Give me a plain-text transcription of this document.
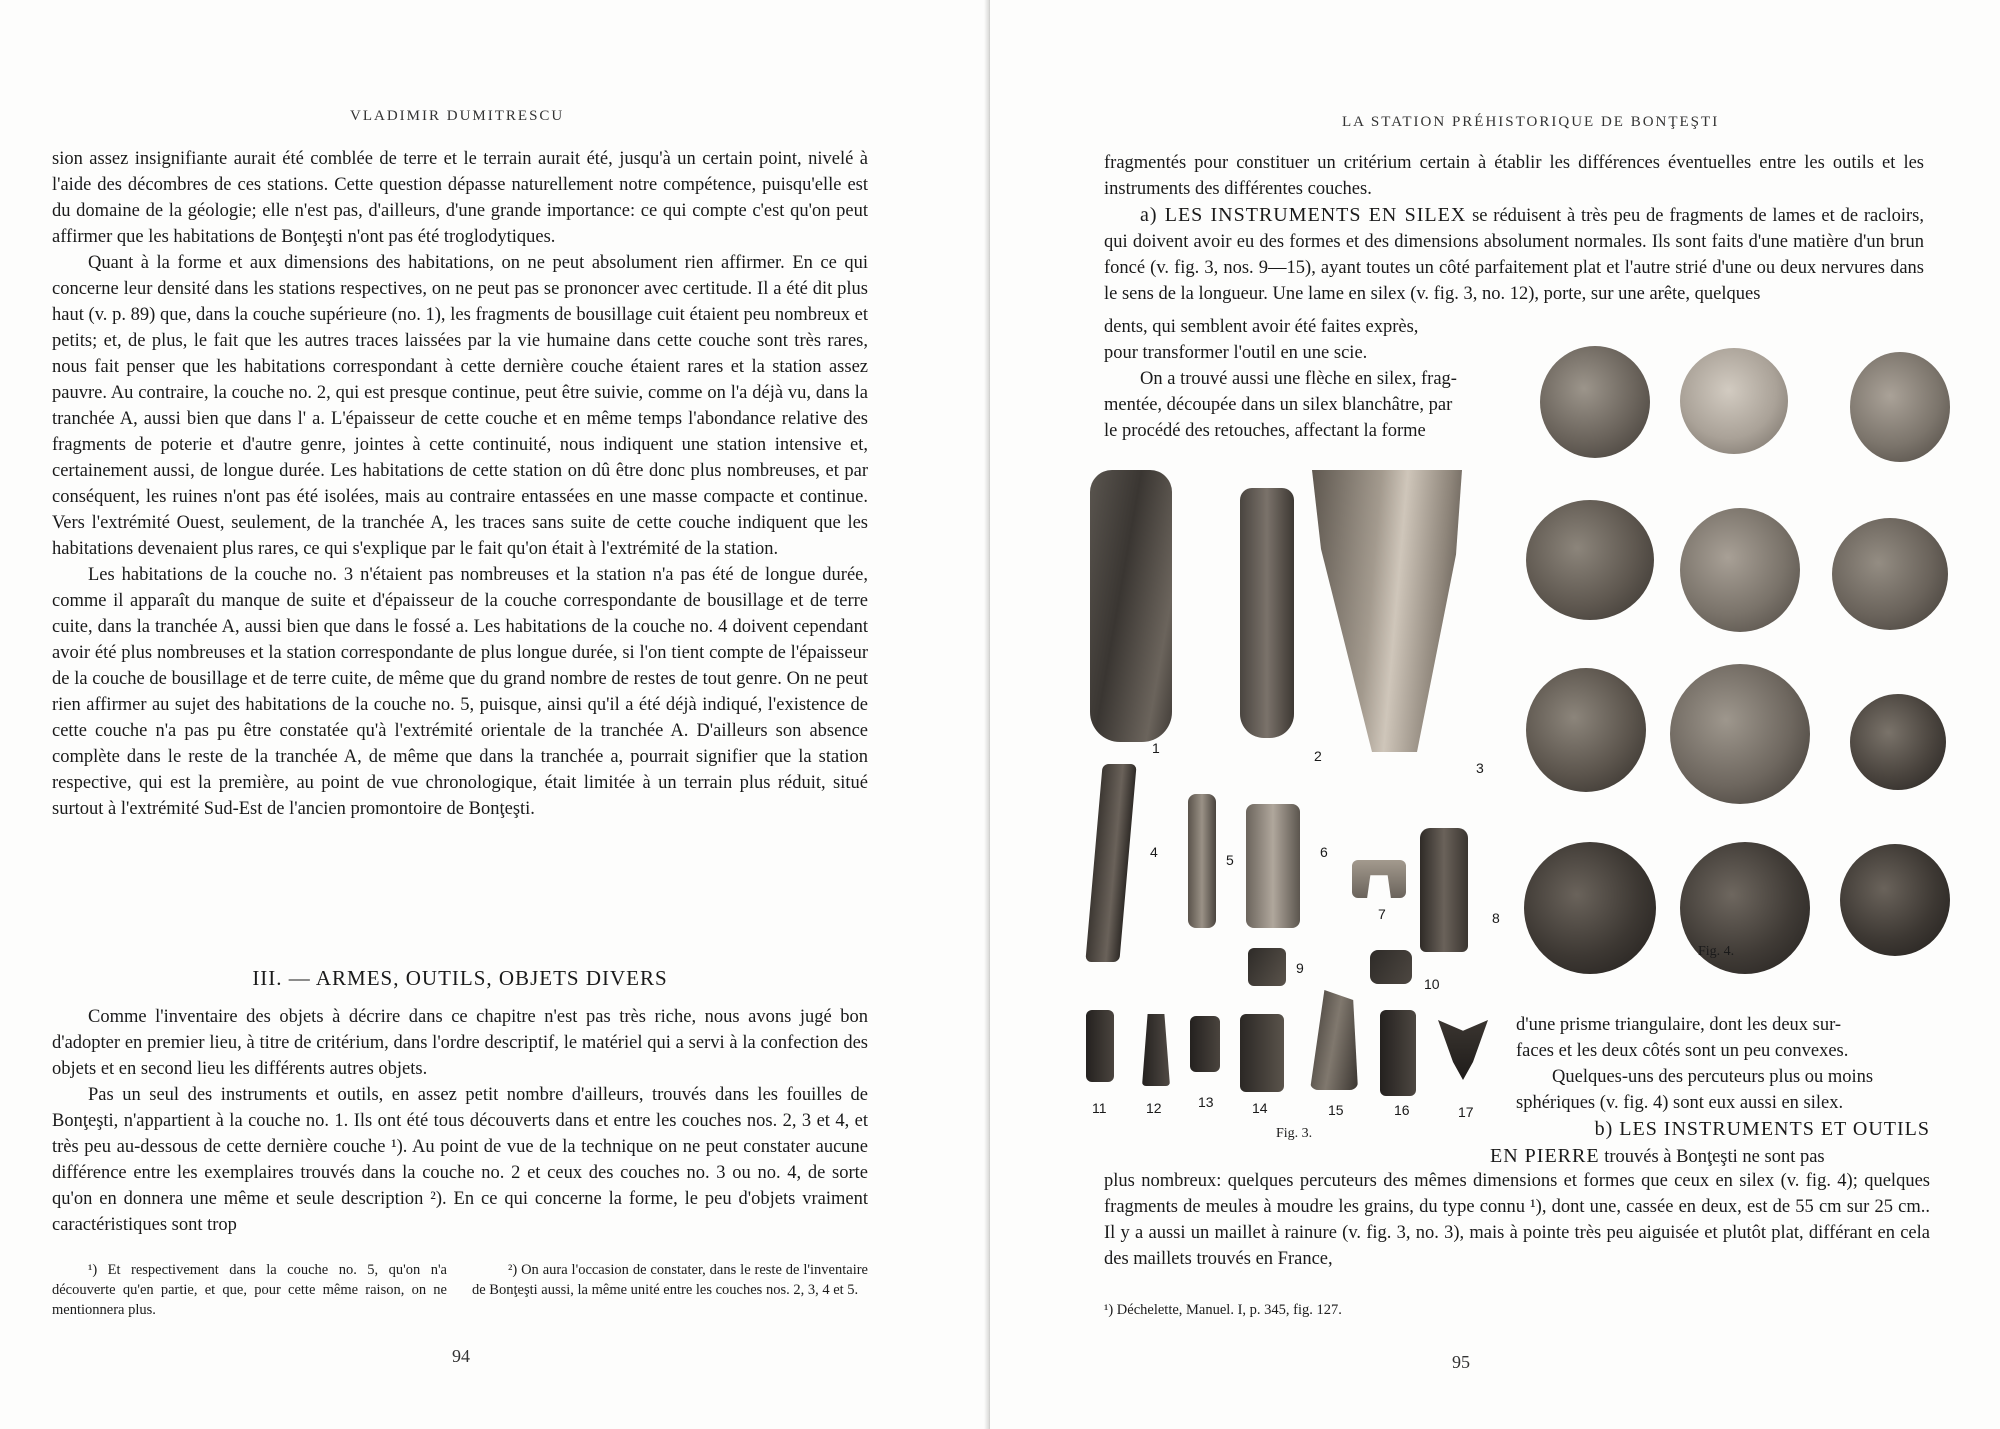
VLADIMIR DUMITRESCU

sion assez insignifiante aurait été comblée de terre et le terrain aurait été, jusqu'à un certain point, nivelé à l'aide des décombres de ces stations. Cette question dépasse naturellement notre compétence, puisqu'elle est du domaine de la géologie; elle n'est pas, d'ailleurs, d'une grande importance: ce qui compte c'est qu'on peut affirmer que les habitations de Bonţeşti n'ont pas été troglodytiques.

Quant à la forme et aux dimensions des habitations, on ne peut absolument rien affirmer. En ce qui concerne leur densité dans les stations respectives, on ne peut pas se prononcer avec certitude. Il a été dit plus haut (v. p. 89) que, dans la couche supérieure (no. 1), les fragments de bousillage cuit étaient peu nombreux et petits; et, de plus, le fait que les autres traces laissées par la vie humaine dans cette couche sont très rares, nous fait penser que les habitations correspondant à cette dernière couche étaient rares et la station assez pauvre. Au contraire, la couche no. 2, qui est presque continue, peut être suivie, comme on l'a déjà vu, dans la tranchée A, aussi bien que dans l' a. L'épaisseur de cette couche et en même temps l'abondance relative des fragments de poterie et d'autre genre, jointes à cette continuité, nous indiquent une station intensive et, certainement aussi, de longue durée. Les habitations de cette station on dû être donc plus nombreuses, et par conséquent, les ruines n'ont pas été isolées, mais au contraire entassées en une masse compacte et continue. Vers l'extrémité Ouest, seulement, de la tranchée A, les traces sans suite de cette couche indiquent que les habitations devenaient plus rares, ce qui s'explique par le fait qu'on était à l'extrémité de la station.

Les habitations de la couche no. 3 n'étaient pas nombreuses et la station n'a pas été de longue durée, comme il apparaît du manque de suite et d'épaisseur de la couche correspondante de bousillage et de terre cuite, dans la tranchée A, aussi bien que dans le fossé a. Les habitations de la couche no. 4 doivent cependant avoir été plus nombreuses et la station correspondante de plus longue durée, si l'on tient compte de l'épaisseur de la couche de bousillage et de terre cuite, de même que du grand nombre de restes de tout genre. On ne peut rien affirmer au sujet des habitations de la couche no. 5, puisque, ainsi qu'il a été déjà indiqué, l'existence de cette couche n'a pas pu être constatée qu'à l'extrémité orientale de la tranchée A. D'ailleurs son absence complète dans le reste de la tranchée A, de même que dans la tranchée a, pourrait signifier que la station respective, qui est la première, au point de vue chronologique, était limitée à un terrain plus réduit, situé surtout à l'extrémité Sud-Est de l'ancien promontoire de Bonţeşti.

III. — ARMES, OUTILS, OBJETS DIVERS

Comme l'inventaire des objets à décrire dans ce chapitre n'est pas très riche, nous avons jugé bon d'adopter en premier lieu, à titre de critérium, dans l'ordre descriptif, le matériel qui a servi à la confection des objets et en second lieu les différents autres objets.

Pas un seul des instruments et outils, en assez petit nombre d'ailleurs, trouvés dans les fouilles de Bonţeşti, n'appartient à la couche no. 1. Ils ont été tous découverts dans et entre les couches nos. 2, 3 et 4, et très peu au-dessous de cette dernière couche ¹). Au point de vue de la technique on ne peut constater aucune différence entre les exemplaires trouvés dans la couche no. 2 et ceux des couches no. 3 ou no. 4, de sorte qu'on en donnera une même et seule description ²). En ce qui concerne la forme, le peu d'objets vraiment caractéristiques sont trop

¹) Et respectivement dans la couche no. 5, qu'on n'a découverte qu'en partie, et que, pour cette même raison, on ne mentionnera plus.

²) On aura l'occasion de constater, dans le reste de l'inventaire de Bonţeşti aussi, la même unité entre les couches nos. 2, 3, 4 et 5.

94
LA STATION PRÉHISTORIQUE DE BONŢEŞTI

fragmentés pour constituer un critérium certain à établir les différences éventuelles entre les outils et les instruments des différentes couches.

a) LES INSTRUMENTS EN SILEX se réduisent à très peu de fragments de lames et de racloirs, qui doivent avoir eu des formes et des dimensions absolument normales. Ils sont faits d'une matière d'un brun foncé (v. fig. 3, nos. 9—15), ayant toutes un côté parfaitement plat et l'autre strié d'une ou deux nervures dans le sens de la longueur. Une lame en silex (v. fig. 3, no. 12), porte, sur une arête, quelques

dents, qui semblent avoir été faites exprès,

pour transformer l'outil en une scie.

On a trouvé aussi une flèche en silex, frag-

mentée, découpée dans un silex blanchâtre, par

le procédé des retouches, affectant la forme

1	2
3
4	5	6
7	8
9
10
11	12	13	14	15	16	17
Fig. 3.
Fig. 4.

d'une prisme triangulaire, dont les deux sur-

faces et les deux côtés sont un peu convexes.

Quelques-uns des percuteurs plus ou moins

sphériques (v. fig. 4) sont eux aussi en silex.

b) LES INSTRUMENTS ET OUTILS

EN PIERRE trouvés à Bonţeşti ne sont pas

plus nombreux: quelques percuteurs des mêmes dimensions et formes que ceux en silex (v. fig. 4); quelques fragments de meules à moudre les grains, du type connu ¹), dont une, cassée en deux, est de 55 cm sur 25 cm.. Il y a aussi un maillet à rainure (v. fig. 3, no. 3), mais à pointe très peu aiguisée et plutôt plat, différant en cela des maillets trouvés en France,

¹) Déchelette, Manuel. I, p. 345, fig. 127.

95
